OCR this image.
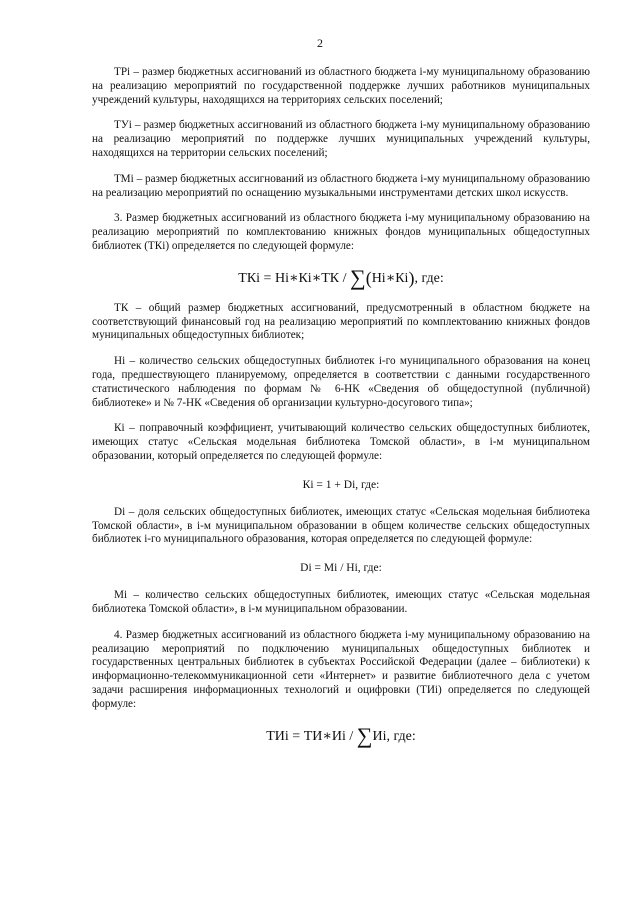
2

ТРi – размер бюджетных ассигнований из областного бюджета i-му муниципальному образованию на реализацию мероприятий по государственной поддержке лучших работников муниципальных учреждений культуры, находящихся на территориях сельских поселений;

ТУi – размер бюджетных ассигнований из областного бюджета i-му муниципальному образованию на реализацию мероприятий по поддержке лучших муниципальных учреждений культуры, находящихся на территории сельских поселений;

ТМi – размер бюджетных ассигнований из областного бюджета i-му муниципальному образованию на реализацию мероприятий по оснащению музыкальными инструментами детских школ искусств.

3. Размер бюджетных ассигнований из областного бюджета i-му муниципальному образованию на реализацию мероприятий по комплектованию книжных фондов муниципальных общедоступных библиотек (ТКi) определяется по следующей формуле:

ТКi = Нi∗Кi∗ТК / ∑(Нi∗Кi), где:

ТК – общий размер бюджетных ассигнований, предусмотренный в областном бюджете на соответствующий финансовый год на реализацию мероприятий по комплектованию книжных фондов муниципальных общедоступных библиотек;

Нi – количество сельских общедоступных библиотек i-го муниципального образования на конец года, предшествующего планируемому, определяется в соответствии с данными государственного статистического наблюдения по формам № 6-НК «Сведения об общедоступной (публичной) библиотеке» и № 7-НК «Сведения об организации культурно-досугового типа»;

Кi – поправочный коэффициент, учитывающий количество сельских общедоступных библиотек, имеющих статус «Сельская модельная библиотека Томской области», в i-м муниципальном образовании, который определяется по следующей формуле:

Кi = 1 + Di, где:

Di – доля сельских общедоступных библиотек, имеющих статус «Сельская модельная библиотека Томской области», в i-м муниципальном образовании в общем количестве сельских общедоступных библиотек i-го муниципального образования, которая определяется по следующей формуле:

Di = Мi / Нi, где:

Мi – количество сельских общедоступных библиотек, имеющих статус «Сельская модельная библиотека Томской области», в i-м муниципальном образовании.

4. Размер бюджетных ассигнований из областного бюджета i-му муниципальному образованию на реализацию мероприятий по подключению муниципальных общедоступных библиотек и государственных центральных библиотек в субъектах Российской Федерации (далее – библиотеки) к информационно-телекоммуникационной сети «Интернет» и развитие библиотечного дела с учетом задачи расширения информационных технологий и оцифровки (ТИi) определяется по следующей формуле:

ТИi = ТИ∗Иi / ∑Иi, где:
